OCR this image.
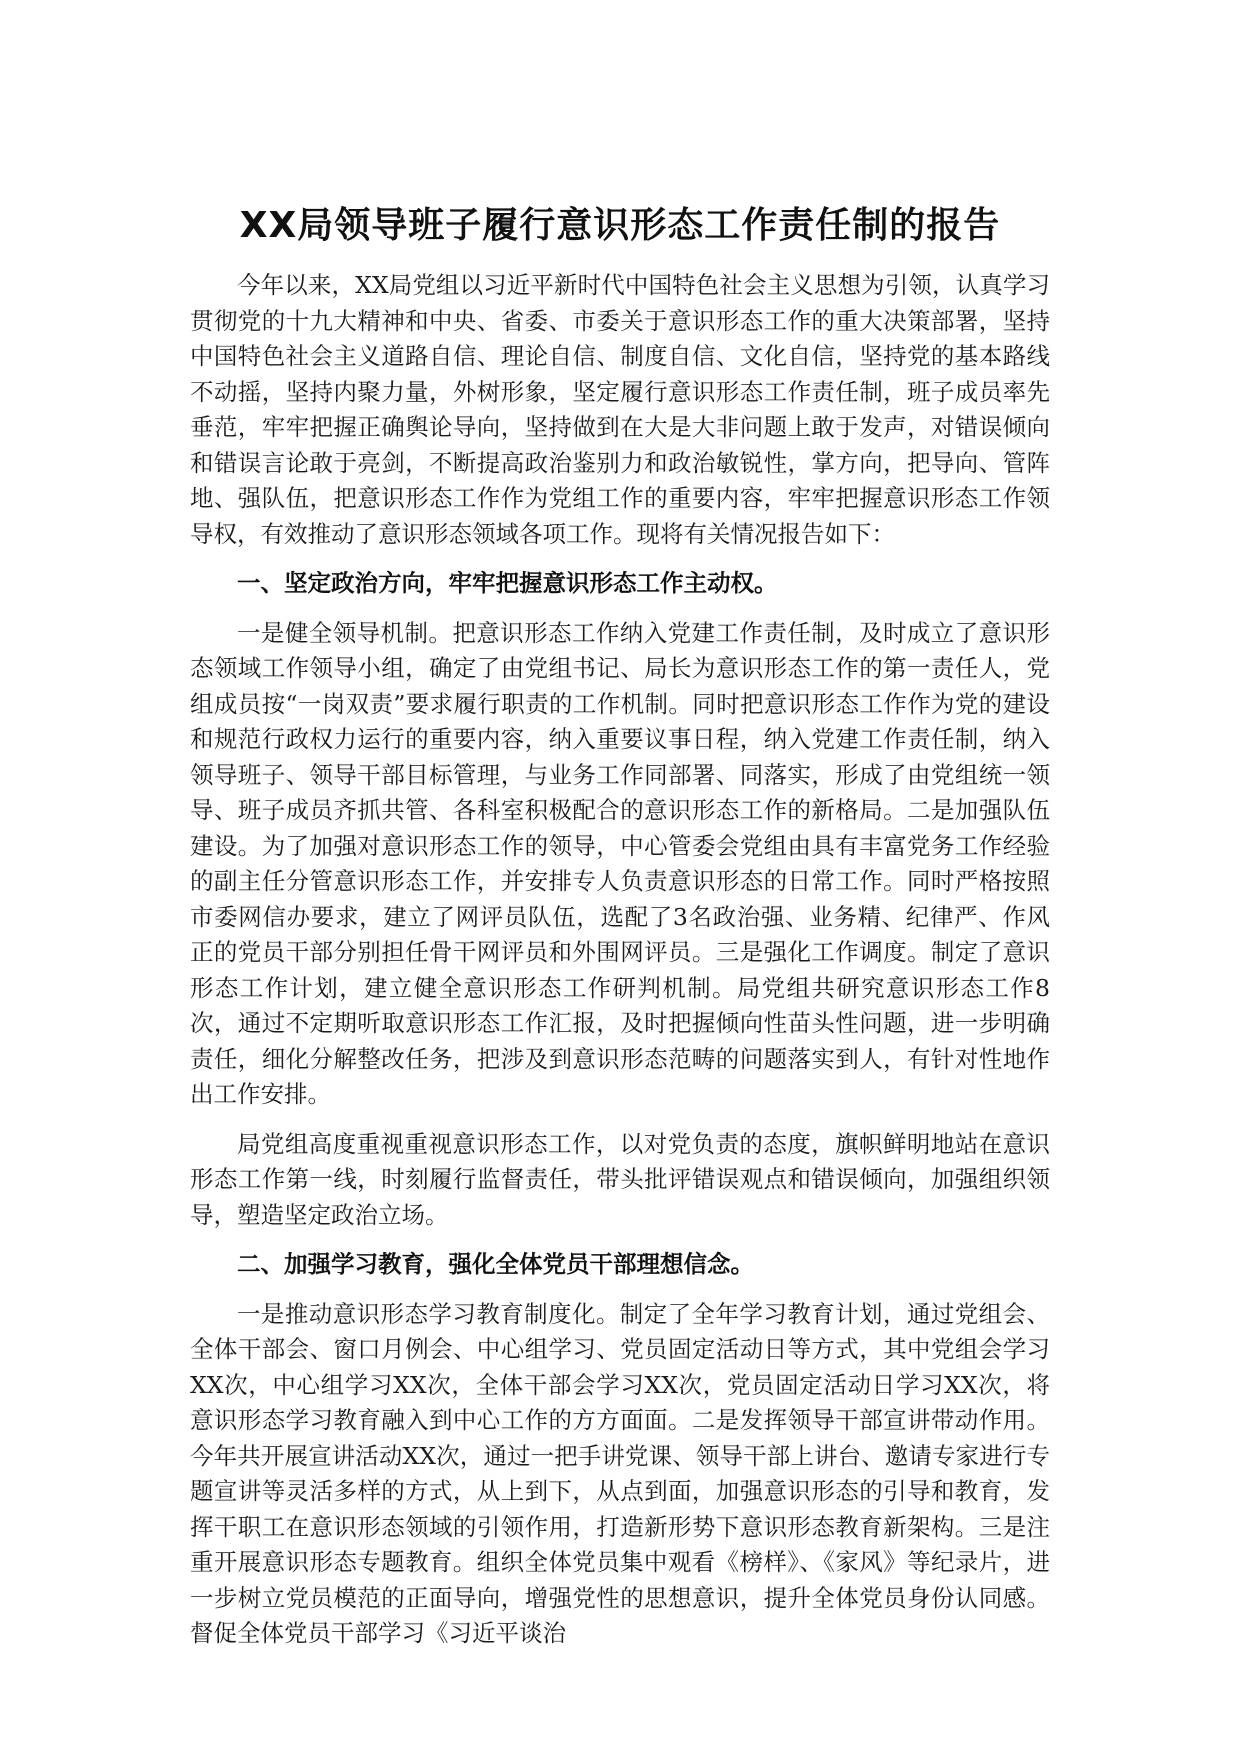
XX局领导班子履行意识形态工作责任制的报告

今年以来，XX局党组以习近平新时代中国特色社会主义思想为引领，认真学习贯彻党的十九大精神和中央、省委、市委关于意识形态工作的重大决策部署，坚持中国特色社会主义道路自信、理论自信、制度自信、文化自信，坚持党的基本路线不动摇，坚持内聚力量，外树形象，坚定履行意识形态工作责任制，班子成员率先垂范，牢牢把握正确舆论导向，坚持做到在大是大非问题上敢于发声，对错误倾向和错误言论敢于亮剑，不断提高政治鉴别力和政治敏锐性，掌方向，把导向、管阵地、强队伍，把意识形态工作作为党组工作的重要内容，牢牢把握意识形态工作领导权，有效推动了意识形态领域各项工作。现将有关情况报告如下：

一、坚定政治方向，牢牢把握意识形态工作主动权。

一是健全领导机制。把意识形态工作纳入党建工作责任制，及时成立了意识形态领域工作领导小组，确定了由党组书记、局长为意识形态工作的第一责任人，党组成员按“一岗双责”要求履行职责的工作机制。同时把意识形态工作作为党的建设和规范行政权力运行的重要内容，纳入重要议事日程，纳入党建工作责任制，纳入领导班子、领导干部目标管理，与业务工作同部署、同落实，形成了由党组统一领导、班子成员齐抓共管、各科室积极配合的意识形态工作的新格局。二是加强队伍建设。为了加强对意识形态工作的领导，中心管委会党组由具有丰富党务工作经验的副主任分管意识形态工作，并安排专人负责意识形态的日常工作。同时严格按照市委网信办要求，建立了网评员队伍，选配了3名政治强、业务精、纪律严、作风正的党员干部分别担任骨干网评员和外围网评员。三是强化工作调度。制定了意识形态工作计划，建立健全意识形态工作研判机制。局党组共研究意识形态工作8次，通过不定期听取意识形态工作汇报，及时把握倾向性苗头性问题，进一步明确责任，细化分解整改任务，把涉及到意识形态范畴的问题落实到人，有针对性地作出工作安排。

局党组高度重视重视意识形态工作，以对党负责的态度，旗帜鲜明地站在意识形态工作第一线，时刻履行监督责任，带头批评错误观点和错误倾向，加强组织领导，塑造坚定政治立场。

二、加强学习教育，强化全体党员干部理想信念。

一是推动意识形态学习教育制度化。制定了全年学习教育计划，通过党组会、全体干部会、窗口月例会、中心组学习、党员固定活动日等方式，其中党组会学习XX次，中心组学习XX次，全体干部会学习XX次，党员固定活动日学习XX次，将意识形态学习教育融入到中心工作的方方面面。二是发挥领导干部宣讲带动作用。今年共开展宣讲活动XX次，通过一把手讲党课、领导干部上讲台、邀请专家进行专题宣讲等灵活多样的方式，从上到下，从点到面，加强意识形态的引导和教育，发挥干职工在意识形态领域的引领作用，打造新形势下意识形态教育新架构。三是注重开展意识形态专题教育。组织全体党员集中观看《榜样》、《家风》等纪录片，进一步树立党员模范的正面导向，增强党性的思想意识，提升全体党员身份认同感。督促全体党员干部学习《习近平谈治
